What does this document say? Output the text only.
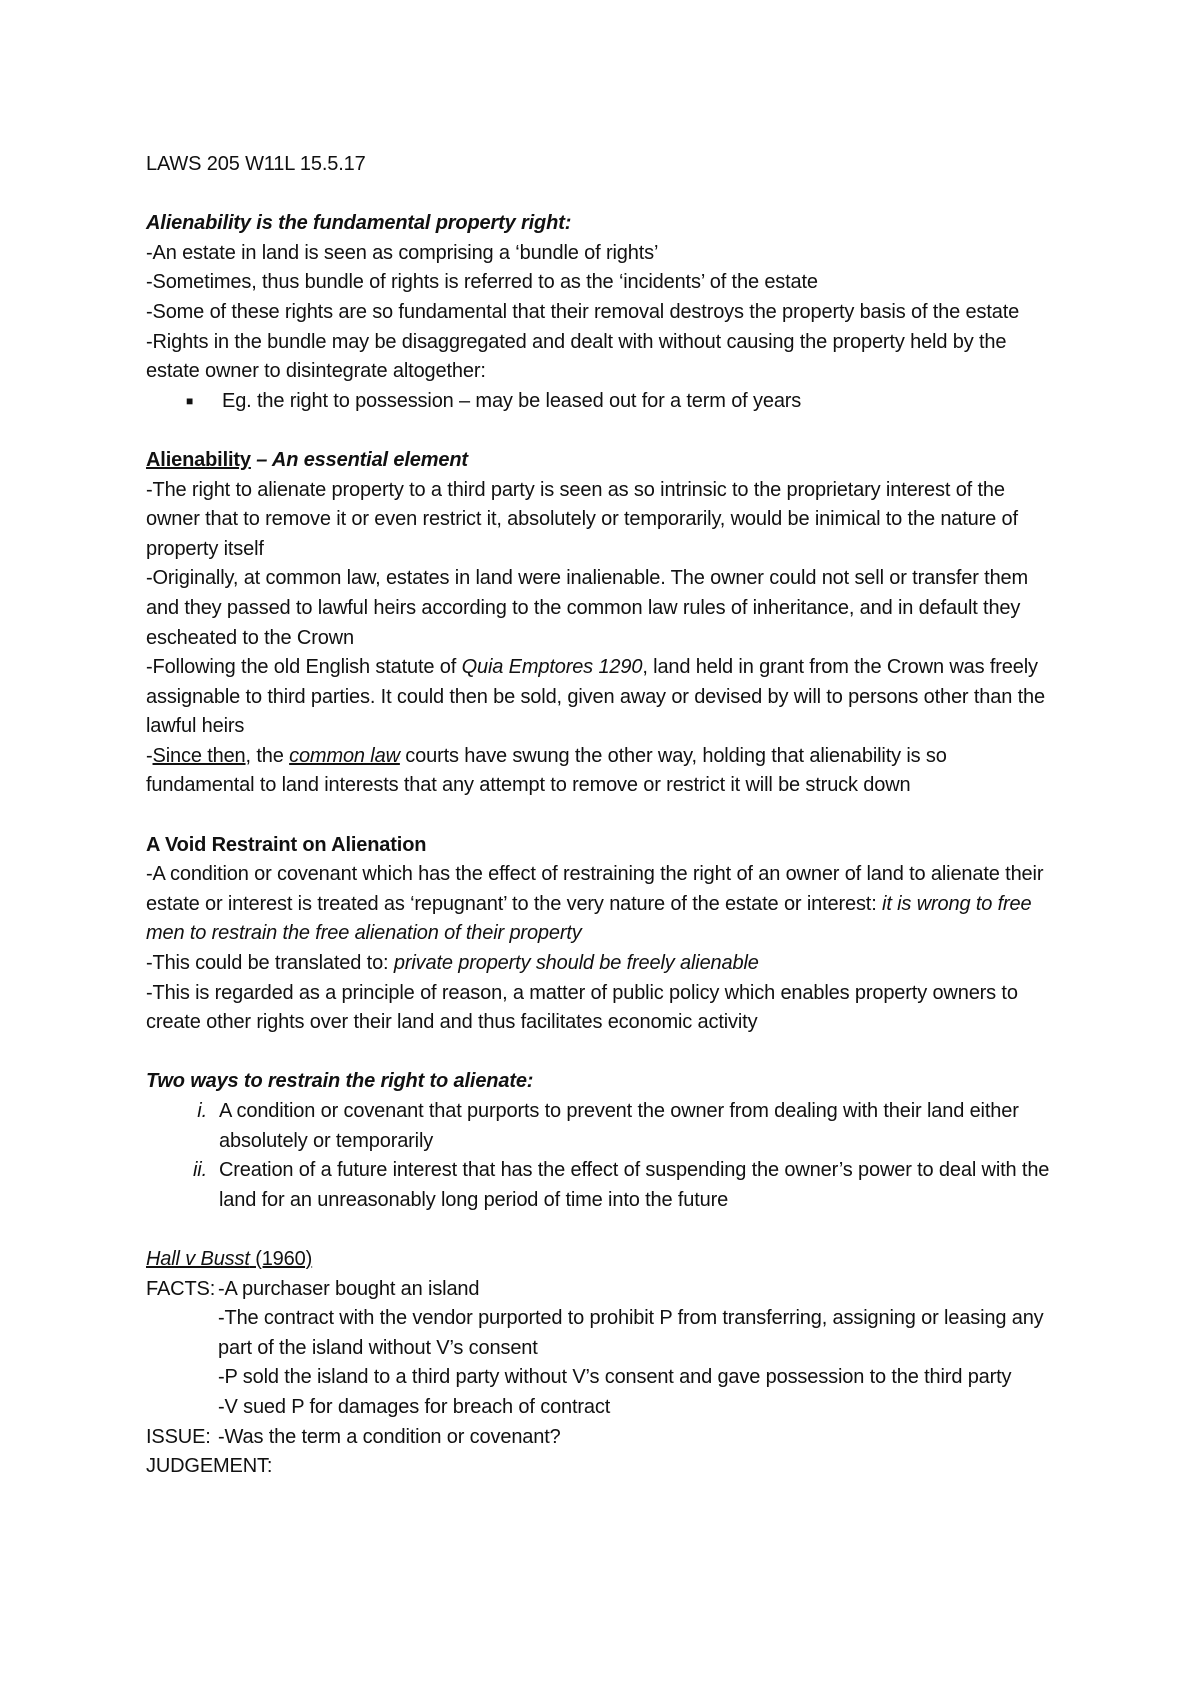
LAWS 205 W11L 15.5.17
Alienability is the fundamental property right:
-An estate in land is seen as comprising a ‘bundle of rights’
-Sometimes, thus bundle of rights is referred to as the ‘incidents’ of the estate
-Some of these rights are so fundamental that their removal destroys the property basis of the estate
-Rights in the bundle may be disaggregated and dealt with without causing the property held by the estate owner to disintegrate altogether:
■	Eg. the right to possession – may be leased out for a term of years
Alienability – An essential element
-The right to alienate property to a third party is seen as so intrinsic to the proprietary interest of the owner that to remove it or even restrict it, absolutely or temporarily, would be inimical to the nature of property itself
-Originally, at common law, estates in land were inalienable. The owner could not sell or transfer them and they passed to lawful heirs according to the common law rules of inheritance, and in default they escheated to the Crown
-Following the old English statute of Quia Emptores 1290, land held in grant from the Crown was freely assignable to third parties. It could then be sold, given away or devised by will to persons other than the lawful heirs
-Since then, the common law courts have swung the other way, holding that alienability is so fundamental to land interests that any attempt to remove or restrict it will be struck down
A Void Restraint on Alienation
-A condition or covenant which has the effect of restraining the right of an owner of land to alienate their estate or interest is treated as ‘repugnant’ to the very nature of the estate or interest: it is wrong to free men to restrain the free alienation of their property
-This could be translated to: private property should be freely alienable
-This is regarded as a principle of reason, a matter of public policy which enables property owners to create other rights over their land and thus facilitates economic activity
Two ways to restrain the right to alienate:
i. A condition or covenant that purports to prevent the owner from dealing with their land either absolutely or temporarily
ii. Creation of a future interest that has the effect of suspending the owner’s power to deal with the land for an unreasonably long period of time into the future
Hall v Busst (1960)
FACTS: -A purchaser bought an island
-The contract with the vendor purported to prohibit P from transferring, assigning or leasing any part of the island without V’s consent
-P sold the island to a third party without V’s consent and gave possession to the third party
-V sued P for damages for breach of contract
ISSUE: -Was the term a condition or covenant?
JUDGEMENT:
